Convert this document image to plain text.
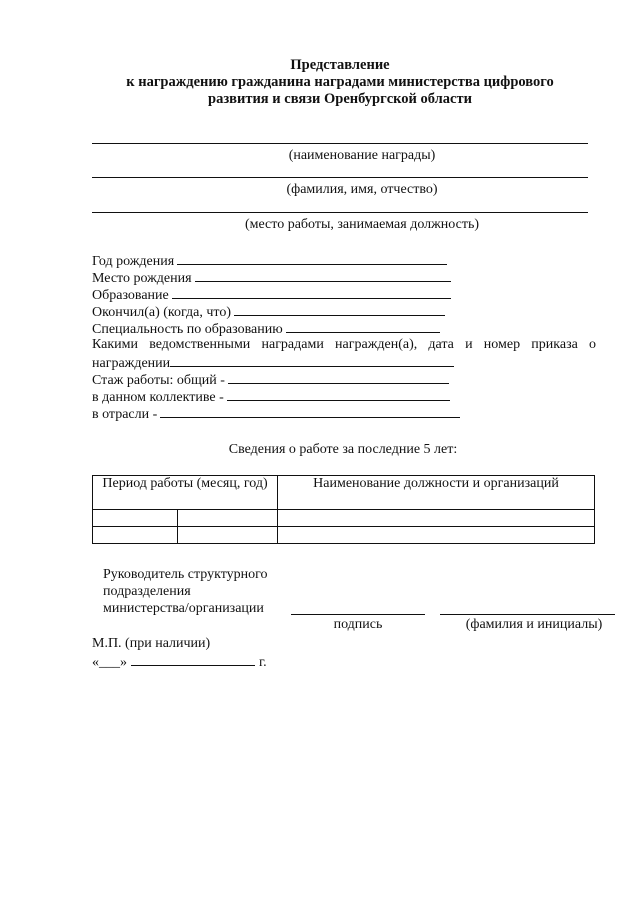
Представление
к награждению гражданина наградами министерства цифрового
развития и связи Оренбургской области
(наименование награды)
(фамилия, имя, отчество)
(место работы, занимаемая должность)
Год рождения
Место рождения
Образование
Окончил(а) (когда, что)
Специальность по образованию
Какими ведомственными наградами награжден(а), дата и номер приказа о
награждении
Стаж работы: общий -
в данном коллективе -
в отрасли -
Сведения о работе за последние 5 лет:
Период работы (месяц, год)		Наименование должности и организаций

Руководитель структурного
подразделения
министерства/организации
подпись	(фамилия и инициалы)
М.П. (при наличии)
«___»	г.
